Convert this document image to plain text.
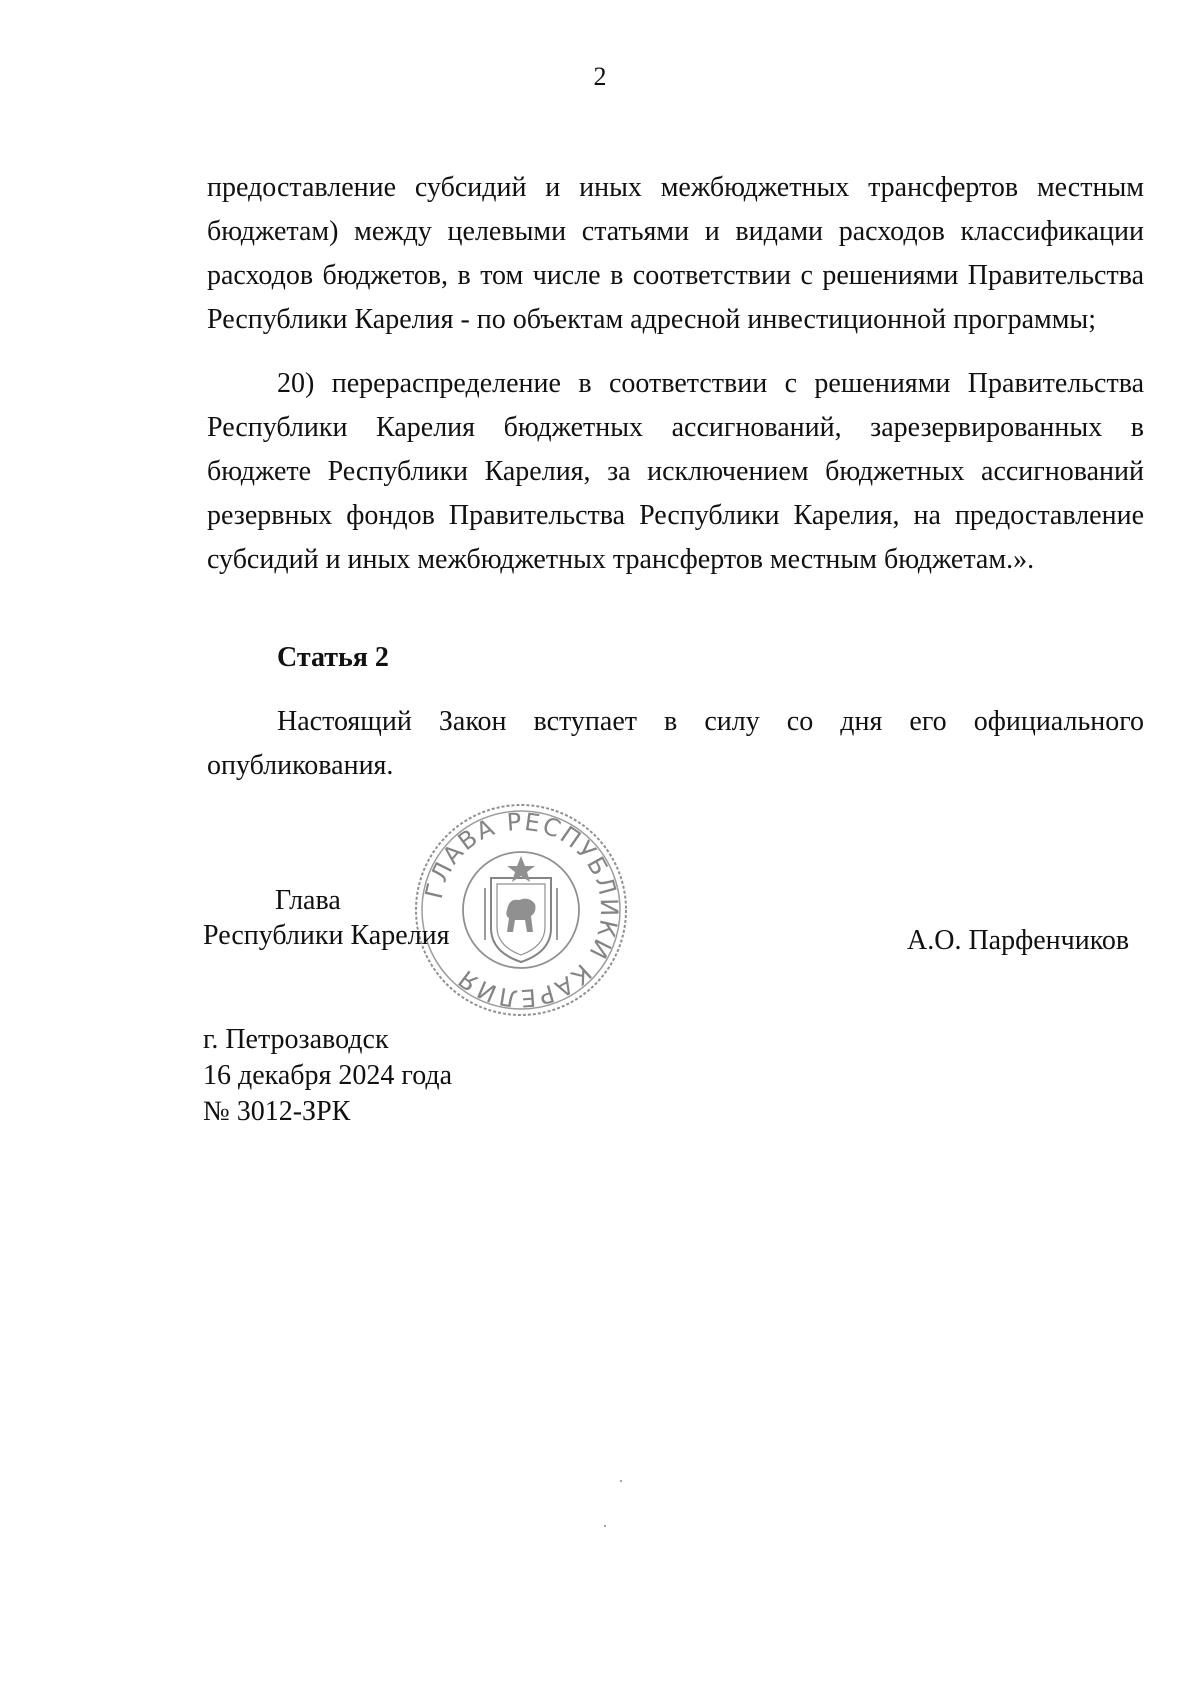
2
предоставление субсидий и иных межбюджетных трансфертов местным
бюджетам) между целевыми статьями и видами расходов классификации
расходов бюджетов, в том числе в соответствии с решениями Правительства
Республики Карелия - по объектам адресной инвестиционной программы;
20) перераспределение в соответствии с решениями Правительства
Республики Карелия бюджетных ассигнований, зарезервированных в
бюджете Республики Карелия, за исключением бюджетных ассигнований
резервных фондов Правительства Республики Карелия, на предоставление
субсидий и иных межбюджетных трансфертов местным бюджетам.».
Статья 2
Настоящий Закон вступает в силу со дня его официального
опубликования.
ГЛАВА РЕСПУБЛИКИ КАРЕЛИЯ
Глава
Республики Карелия	А.О. Парфенчиков
г. Петрозаводск
16 декабря 2024 года
№ 3012-ЗРК
